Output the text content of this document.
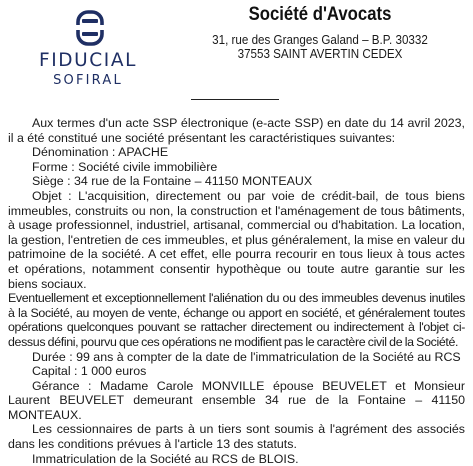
FIDUCIAL
SOFIRAL
Société d'Avocats
31, rue des Granges Galand – B.P. 30332
37553 SAINT AVERTIN CEDEX

Aux termes d'un acte SSP électronique (e-acte SSP) en date du 14 avril 2023, il a été constitué une société présentant les caractéristiques suivantes:

Dénomination : APACHE

Forme : Société civile immobilière

Siège : 34 rue de la Fontaine – 41150 MONTEAUX

Objet : L'acquisition, directement ou par voie de crédit-bail, de tous biens immeubles, construits ou non, la construction et l'aménagement de tous bâtiments, à usage professionnel, industriel, artisanal, commercial ou d'habitation. La location, la gestion, l'entretien de ces immeubles, et plus généralement, la mise en valeur du patrimoine de la société. A cet effet, elle pourra recourir en tous lieux à tous actes et opérations, notamment consentir hypothèque ou toute autre garantie sur les biens sociaux.

Eventuellement et exceptionnellement l'aliénation du ou des immeubles devenus inutiles à la Société, au moyen de vente, échange ou apport en société, et généralement toutes opérations quelconques pouvant se rattacher directement ou indirectement à l'objet ci-dessus défini, pourvu que ces opérations ne modifient pas le caractère civil de la Société.

Durée : 99 ans à compter de la date de l'immatriculation de la Société au RCS

Capital : 1 000 euros

Gérance : Madame Carole MONVILLE épouse BEUVELET et Monsieur Laurent BEUVELET demeurant ensemble 34 rue de la Fontaine – 41150 MONTEAUX.

Les cessionnaires de parts à un tiers sont soumis à l'agrément des associés dans les conditions prévues à l'article 13 des statuts.

Immatriculation de la Société au RCS de BLOIS.
